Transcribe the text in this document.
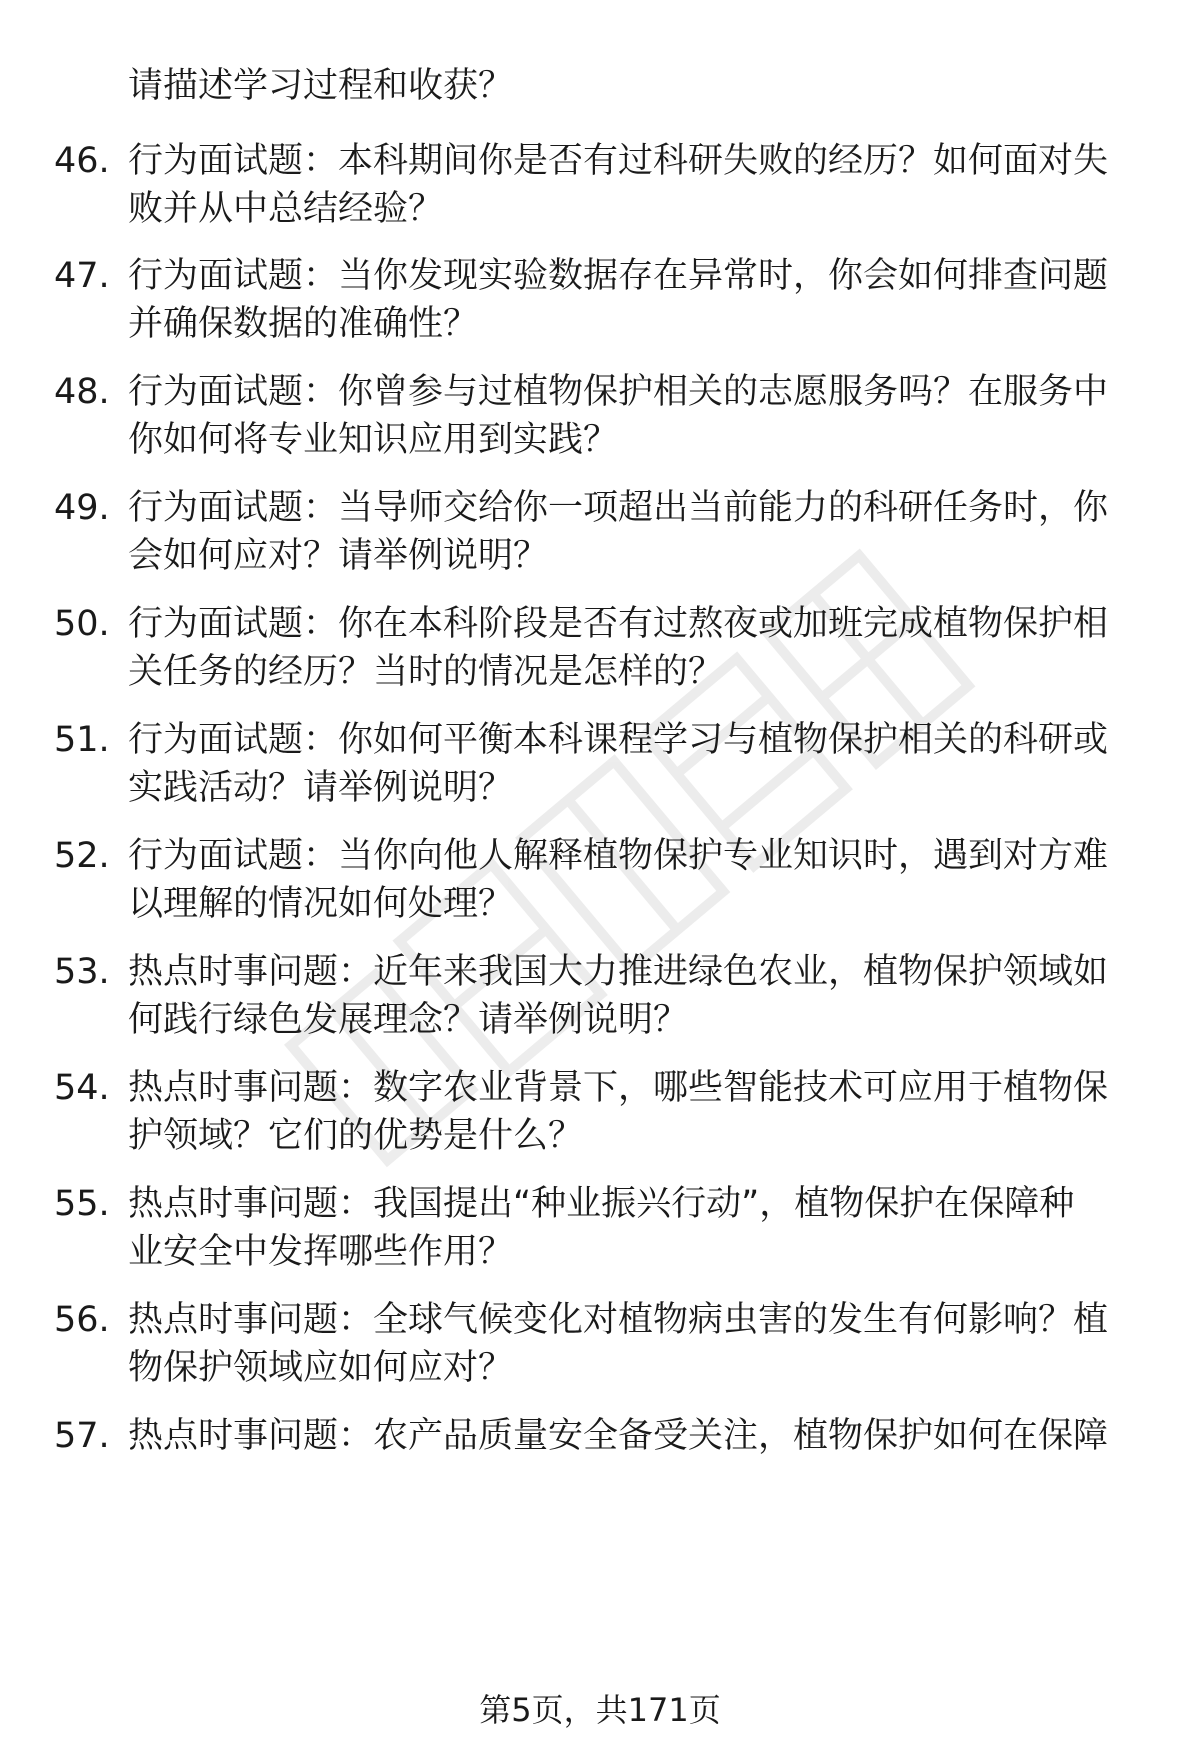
请描述学习过程和收获？
46. 行为面试题：本科期间你是否有过科研失败的经历？如何面对失
败并从中总结经验？
47. 行为面试题：当你发现实验数据存在异常时，你会如何排查问题
并确保数据的准确性？
48. 行为面试题：你曾参与过植物保护相关的志愿服务吗？在服务中
你如何将专业知识应用到实践？
49. 行为面试题：当导师交给你一项超出当前能力的科研任务时，你
会如何应对？请举例说明？
50. 行为面试题：你在本科阶段是否有过熬夜或加班完成植物保护相
关任务的经历？当时的情况是怎样的？
51. 行为面试题：你如何平衡本科课程学习与植物保护相关的科研或
实践活动？请举例说明？
52. 行为面试题：当你向他人解释植物保护专业知识时，遇到对方难
以理解的情况如何处理？
53. 热点时事问题：近年来我国大力推进绿色农业，植物保护领域如
何践行绿色发展理念？请举例说明？
54. 热点时事问题：数字农业背景下，哪些智能技术可应用于植物保
护领域？它们的优势是什么？
55. 热点时事问题：我国提出“种业振兴行动”，植物保护在保障种
业安全中发挥哪些作用？
56. 热点时事问题：全球气候变化对植物病虫害的发生有何影响？植
物保护领域应如何应对？
57. 热点时事问题：农产品质量安全备受关注，植物保护如何在保障
第5页，共171页
